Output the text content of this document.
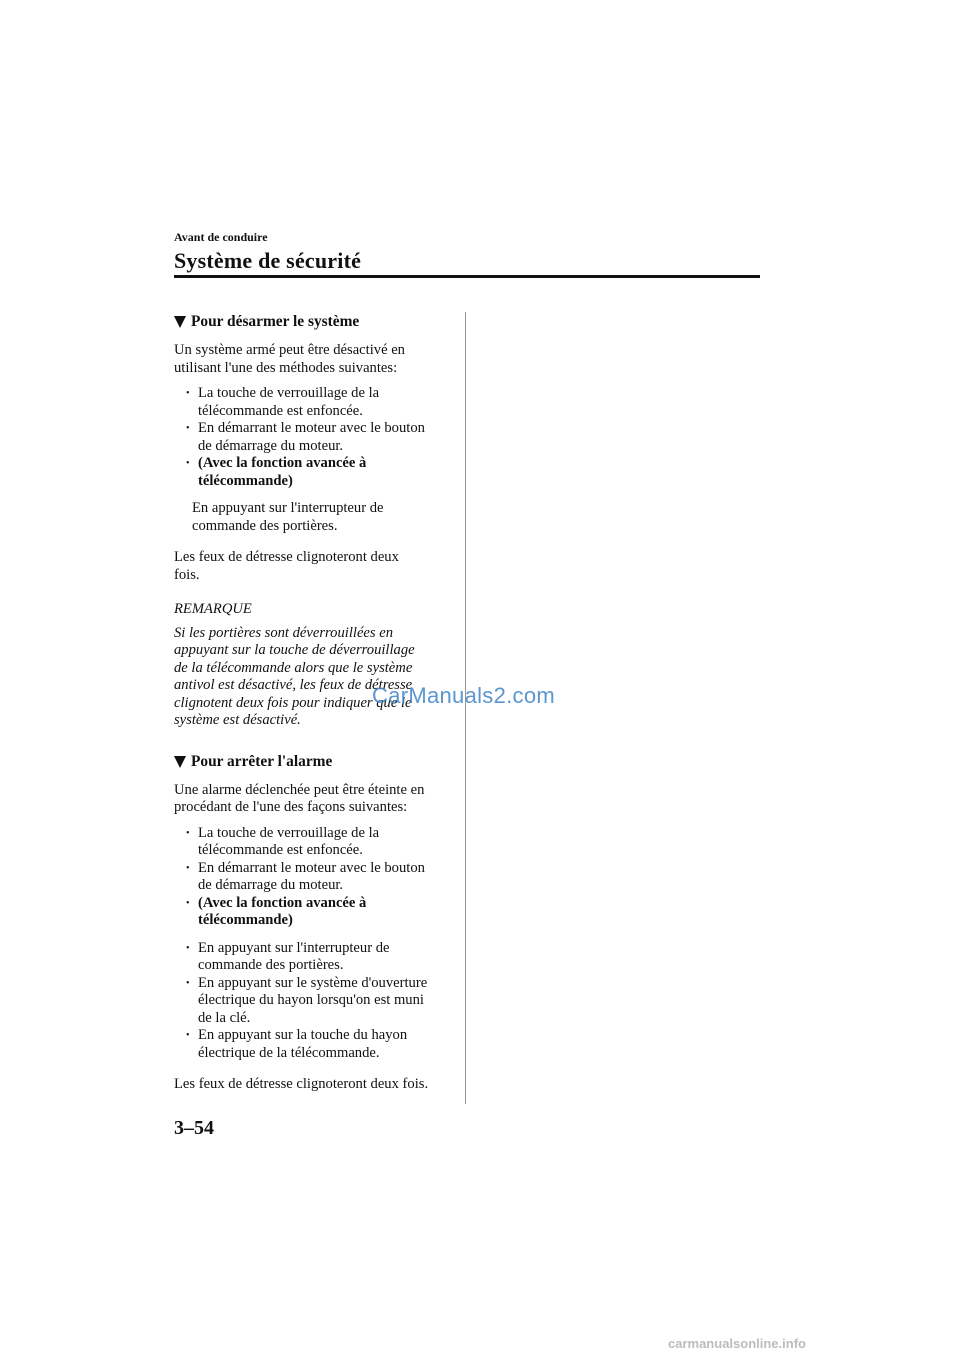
Avant de conduire

Système de sécurité
Pour désarmer le système

Un système armé peut être désactivé en
utilisant l'une des méthodes suivantes:

• La touche de verrouillage de la
télécommande est enfoncée.
• En démarrant le moteur avec le bouton
de démarrage du moteur.
• (Avec la fonction avancée à
télécommande)

En appuyant sur l'interrupteur de
commande des portières.

Les feux de détresse clignoteront deux
fois.

REMARQUE

Si les portières sont déverrouillées en
appuyant sur la touche de déverrouillage
de la télécommande alors que le système
antivol est désactivé, les feux de détresse
clignotent deux fois pour indiquer que le
système est désactivé.

Pour arrêter l'alarme

Une alarme déclenchée peut être éteinte en
procédant de l'une des façons suivantes:

• La touche de verrouillage de la
télécommande est enfoncée.
• En démarrant le moteur avec le bouton
de démarrage du moteur.
• (Avec la fonction avancée à
télécommande)
• En appuyant sur l'interrupteur de
commande des portières.
• En appuyant sur le système d'ouverture
électrique du hayon lorsqu'on est muni
de la clé.
• En appuyant sur la touche du hayon
électrique de la télécommande.

Les feux de détresse clignoteront deux fois.

3–54
CarManuals2.com
carmanualsonline.info
